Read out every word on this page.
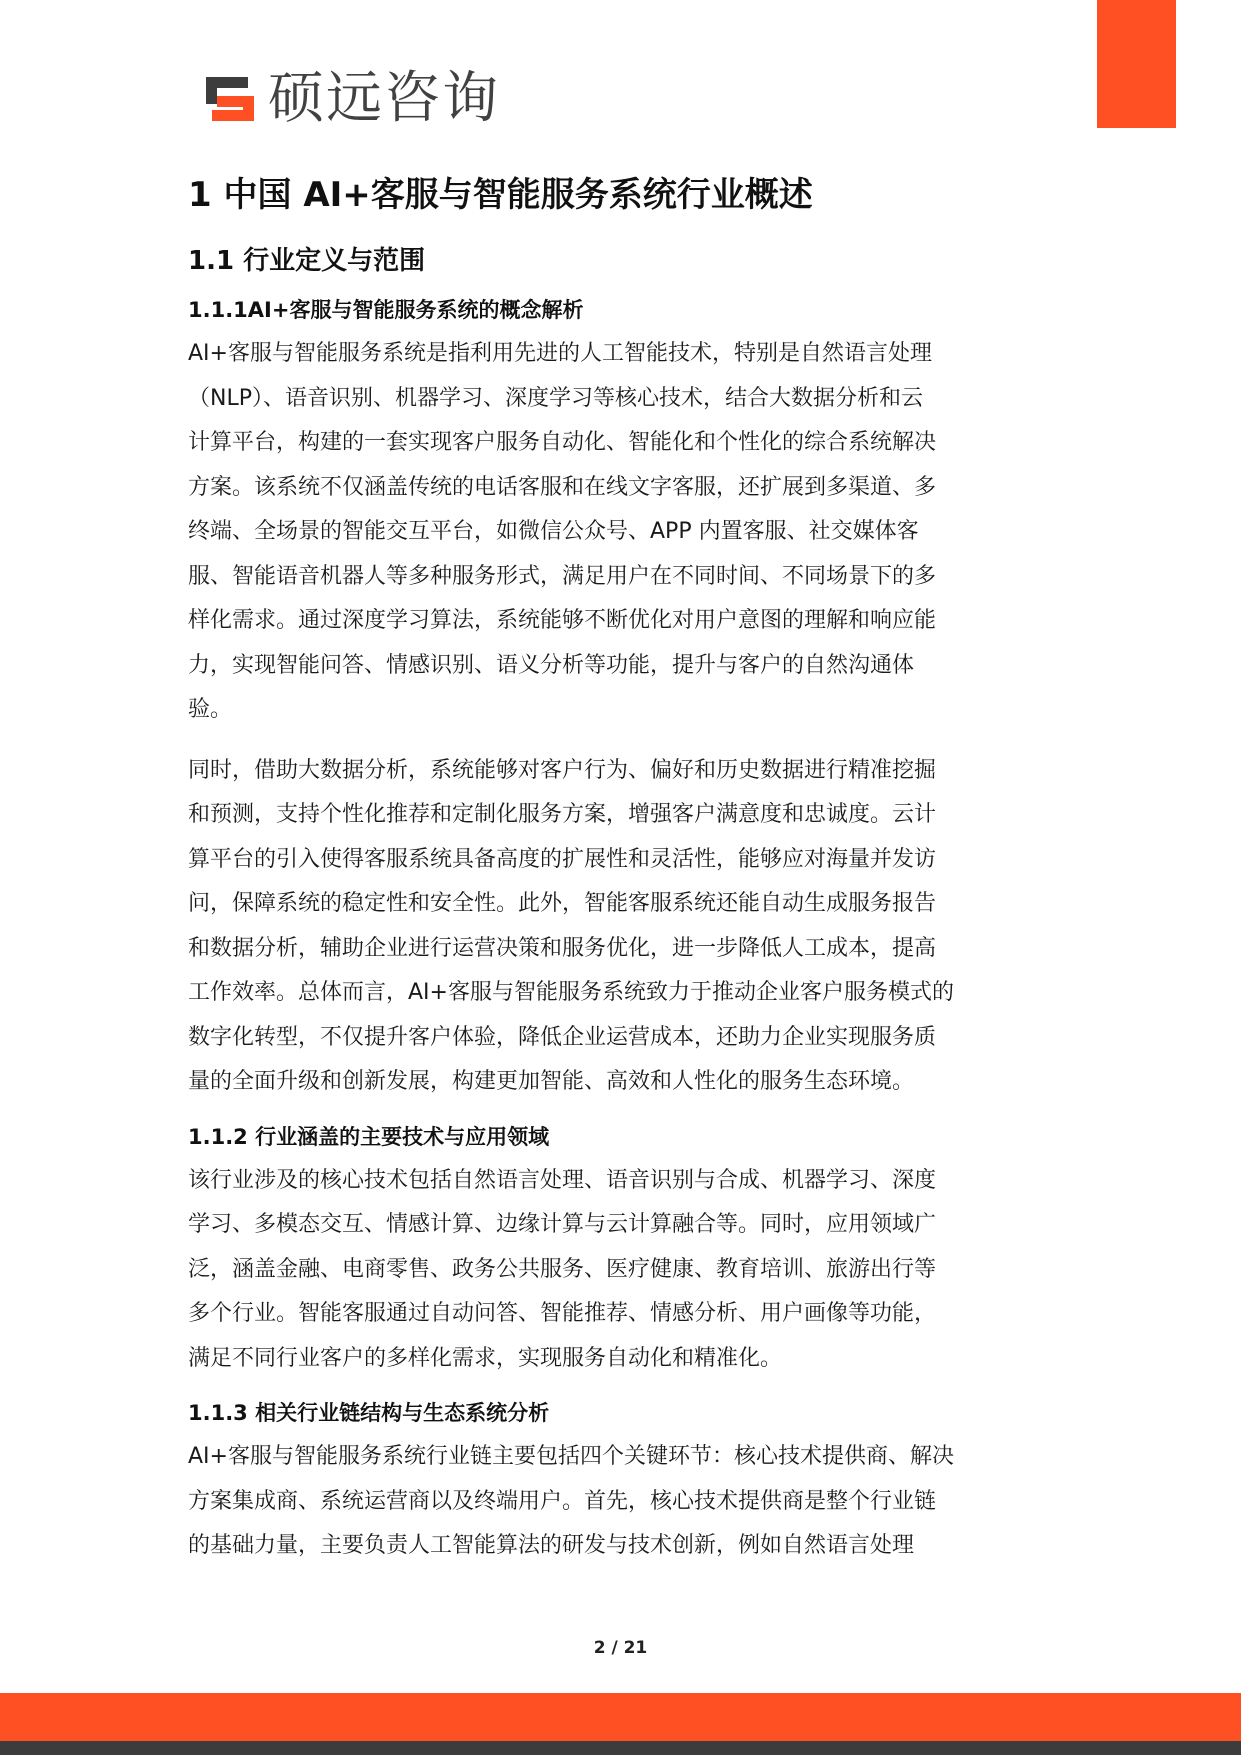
硕远咨询
1 中国 AI+客服与智能服务系统行业概述
1.1 行业定义与范围
1.1.1AI+客服与智能服务系统的概念解析
AI+客服与智能服务系统是指利用先进的人工智能技术，特别是自然语言处理
（NLP）、语音识别、机器学习、深度学习等核心技术，结合大数据分析和云
计算平台，构建的一套实现客户服务自动化、智能化和个性化的综合系统解决
方案。该系统不仅涵盖传统的电话客服和在线文字客服，还扩展到多渠道、多
终端、全场景的智能交互平台，如微信公众号、APP 内置客服、社交媒体客
服、智能语音机器人等多种服务形式，满足用户在不同时间、不同场景下的多
样化需求。通过深度学习算法，系统能够不断优化对用户意图的理解和响应能
力，实现智能问答、情感识别、语义分析等功能，提升与客户的自然沟通体
验。
同时，借助大数据分析，系统能够对客户行为、偏好和历史数据进行精准挖掘
和预测，支持个性化推荐和定制化服务方案，增强客户满意度和忠诚度。云计
算平台的引入使得客服系统具备高度的扩展性和灵活性，能够应对海量并发访
问，保障系统的稳定性和安全性。此外，智能客服系统还能自动生成服务报告
和数据分析，辅助企业进行运营决策和服务优化，进一步降低人工成本，提高
工作效率。总体而言，AI+客服与智能服务系统致力于推动企业客户服务模式的
数字化转型，不仅提升客户体验，降低企业运营成本，还助力企业实现服务质
量的全面升级和创新发展，构建更加智能、高效和人性化的服务生态环境。
1.1.2 行业涵盖的主要技术与应用领域
该行业涉及的核心技术包括自然语言处理、语音识别与合成、机器学习、深度
学习、多模态交互、情感计算、边缘计算与云计算融合等。同时，应用领域广
泛，涵盖金融、电商零售、政务公共服务、医疗健康、教育培训、旅游出行等
多个行业。智能客服通过自动问答、智能推荐、情感分析、用户画像等功能，
满足不同行业客户的多样化需求，实现服务自动化和精准化。
1.1.3 相关行业链结构与生态系统分析
AI+客服与智能服务系统行业链主要包括四个关键环节：核心技术提供商、解决
方案集成商、系统运营商以及终端用户。首先，核心技术提供商是整个行业链
的基础力量，主要负责人工智能算法的研发与技术创新，例如自然语言处理
2 / 21
